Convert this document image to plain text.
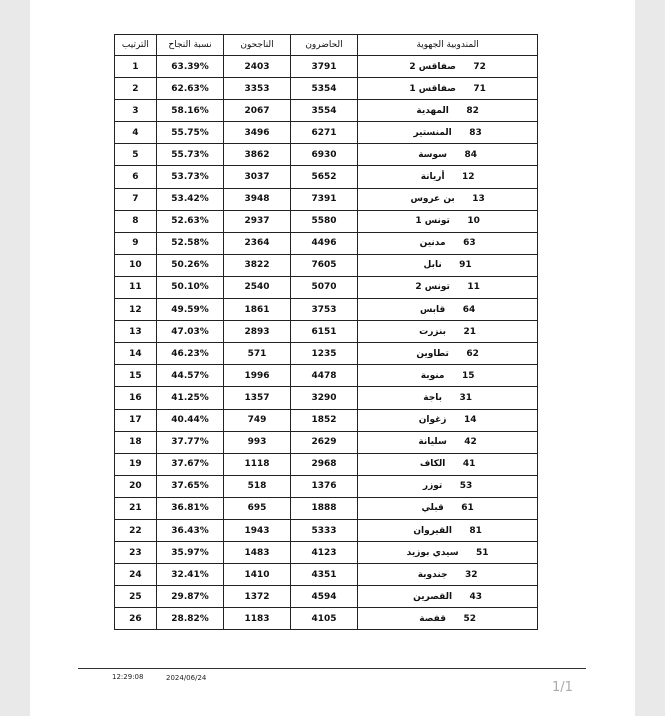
المندوبية الجهوية	الحاضرون	الناجحون	نسبة النجاح	الترتيب
72صفاقس 2	3791	2403	63.39%	1
71صفاقس 1	5354	3353	62.63%	2
82المهدية	3554	2067	58.16%	3
83المنستير	6271	3496	55.75%	4
84سوسة	6930	3862	55.73%	5
12أريانة	5652	3037	53.73%	6
13بن عروس	7391	3948	53.42%	7
10تونس 1	5580	2937	52.63%	8
63مدنين	4496	2364	52.58%	9
91نابل	7605	3822	50.26%	10
11تونس 2	5070	2540	50.10%	11
64قابس	3753	1861	49.59%	12
21بنزرت	6151	2893	47.03%	13
62تطاوين	1235	571	46.23%	14
15منوبة	4478	1996	44.57%	15
31باجة	3290	1357	41.25%	16
14زغوان	1852	749	40.44%	17
42سليانة	2629	993	37.77%	18
41الكاف	2968	1118	37.67%	19
53توزر	1376	518	37.65%	20
61قبلي	1888	695	36.81%	21
81القيروان	5333	1943	36.43%	22
51سيدي بوزيد	4123	1483	35.97%	23
32جندوبة	4351	1410	32.41%	24
43القصرين	4594	1372	29.87%	25
52قفصة	4105	1183	28.82%	26
12:29:08	2024/06/24
1/1
